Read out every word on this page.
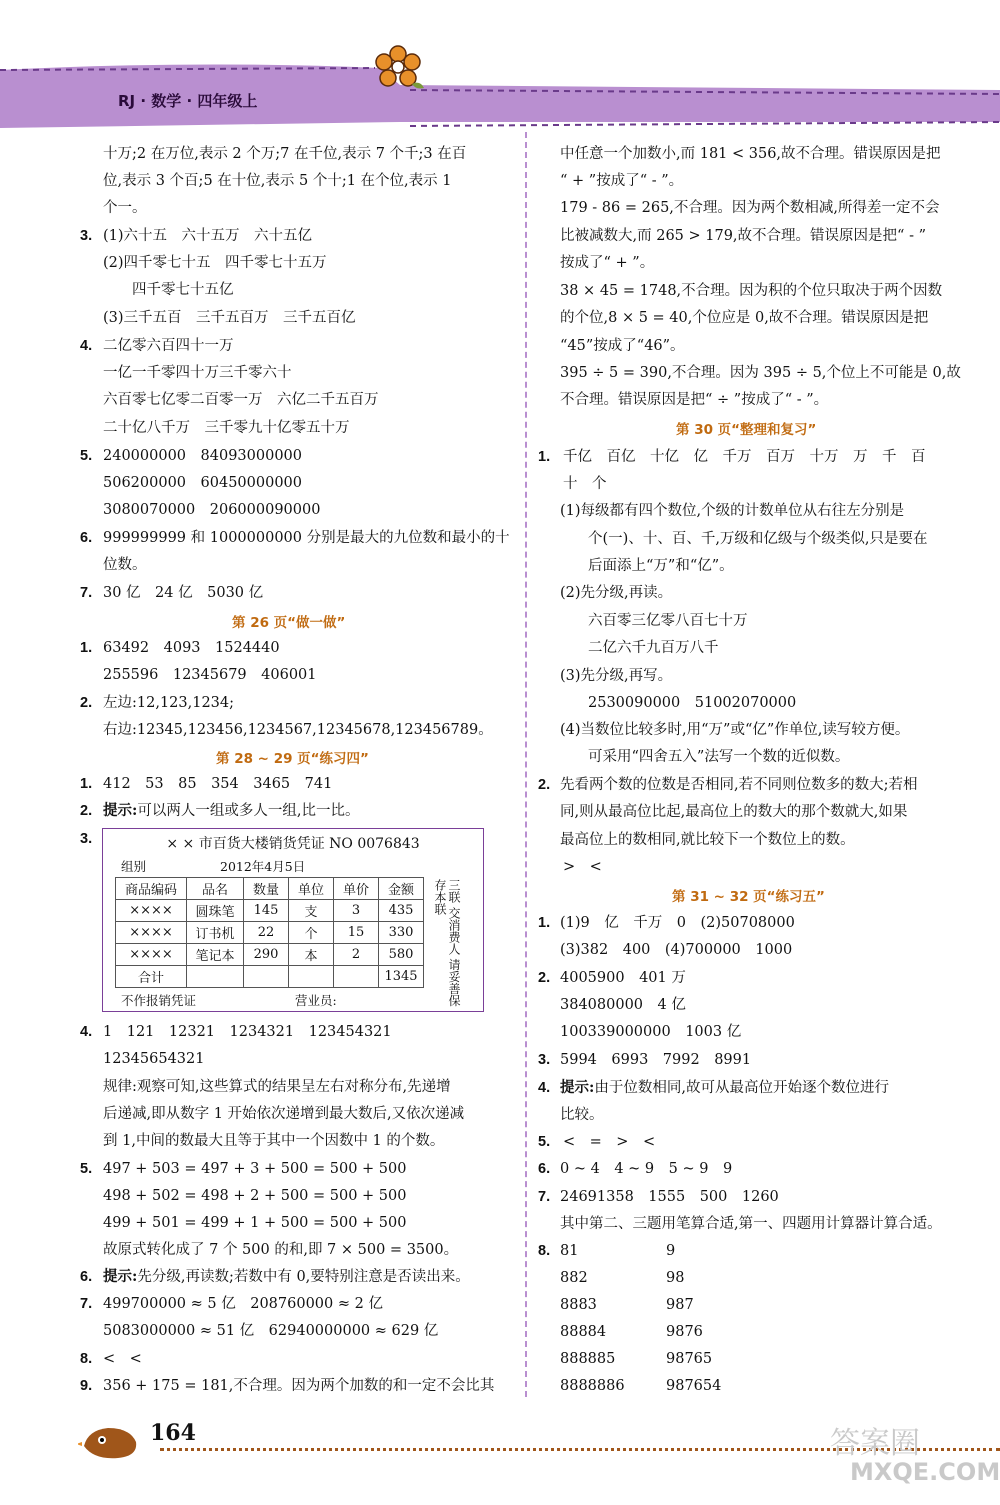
RJ · 数学 · 四年级上
十万;2 在万位,表示 2 个万;7 在千位,表示 7 个千;3 在百
位,表示 3 个百;5 在十位,表示 5 个十;1 在个位,表示 1
个一。
3. (1)六十五　六十五万　六十五亿
(2)四千零七十五　四千零七十五万
四千零七十五亿
(3)三千五百　三千五百万　三千五百亿
4. 二亿零六百四十一万
一亿一千零四十万三千零六十
六百零七亿零二百零一万　六亿二千五百万
二十亿八千万　三千零九十亿零五十万
5. 240000000　84093000000
506200000　60450000000
3080070000　206000090000
6. 999999999 和 1000000000 分别是最大的九位数和最小的十
位数。
7. 30 亿　24 亿　5030 亿
第 26 页“做一做”
1. 63492　4093　1524440
255596　12345679　406001
2. 左边:12,123,1234;
右边:12345,123456,1234567,12345678,123456789。
第 28 ~ 29 页“练习四”
1. 412　53　85　354　3465　741
2. 提示:可以两人一组或多人一组,比一比。
3.	× × 市百货大楼销货凭证 NO 0076843
组别	2012年4月5日
商品编码	品名	数量	单位	单价	金额
××××	圆珠笔	145	支	3	435
××××	订书机	22	个	15	330
××××	笔记本	290	本	2	580
合计					1345
三联 交消费人 请妥善保存本联
不作报销凭证	营业员:
4. 1　121　12321　1234321　123454321
12345654321
规律:观察可知,这些算式的结果呈左右对称分布,先递增
后递减,即从数字 1 开始依次递增到最大数后,又依次递减
到 1,中间的数最大且等于其中一个因数中 1 的个数。
5. 497 + 503 = 497 + 3 + 500 = 500 + 500
498 + 502 = 498 + 2 + 500 = 500 + 500
499 + 501 = 499 + 1 + 500 = 500 + 500
故原式转化成了 7 个 500 的和,即 7 × 500 = 3500。
6. 提示:先分级,再读数;若数中有 0,要特别注意是否读出来。
7. 499700000 ≈ 5 亿　208760000 ≈ 2 亿
5083000000 ≈ 51 亿　62940000000 ≈ 629 亿
8. <　<
9. 356 + 175 = 181,不合理。因为两个加数的和一定不会比其
中任意一个加数小,而 181 < 356,故不合理。错误原因是把
“ + ”按成了“ - ”。
179 - 86 = 265,不合理。因为两个数相减,所得差一定不会
比被减数大,而 265 > 179,故不合理。错误原因是把“ - ”
按成了“ + ”。
38 × 45 = 1748,不合理。因为积的个位只取决于两个因数
的个位,8 × 5 = 40,个位应是 0,故不合理。错误原因是把
“45”按成了“46”。
395 ÷ 5 = 390,不合理。因为 395 ÷ 5,个位上不可能是 0,故
不合理。错误原因是把“ ÷ ”按成了“ - ”。
第 30 页“整理和复习”
1. 千亿　百亿　十亿　亿　千万　百万　十万　万　千　百
十　个
(1)每级都有四个数位,个级的计数单位从右往左分别是
个(一)、十、百、千,万级和亿级与个级类似,只是要在
后面添上“万”和“亿”。
(2)先分级,再读。
六百零三亿零八百七十万
二亿六千九百万八千
(3)先分级,再写。
2530090000　51002070000
(4)当数位比较多时,用“万”或“亿”作单位,读写较方便。
可采用“四舍五入”法写一个数的近似数。
2. 先看两个数的位数是否相同,若不同则位数多的数大;若相
同,则从最高位比起,最高位上的数大的那个数就大,如果
最高位上的数相同,就比较下一个数位上的数。
>　<
第 31 ~ 32 页“练习五”
1. (1)9　亿　千万　0　(2)50708000
(3)382　400　(4)700000　1000
2. 4005900　401 万
384080000　4 亿
100339000000　1003 亿
3. 5994　6993　7992　8991
4. 提示:由于位数相同,故可从最高位开始逐个数位进行
比较。
5. <　=　>　<
6. 0 ~ 4　4 ~ 9　5 ~ 9　9
7. 24691358　1555　500　1260
其中第二、三题用笔算合适,第一、四题用计算器计算合适。
8. 81	9
882	98
8883	987
88884	9876
888885	98765
8888886	987654
164	答案圈
MXQE.COM
